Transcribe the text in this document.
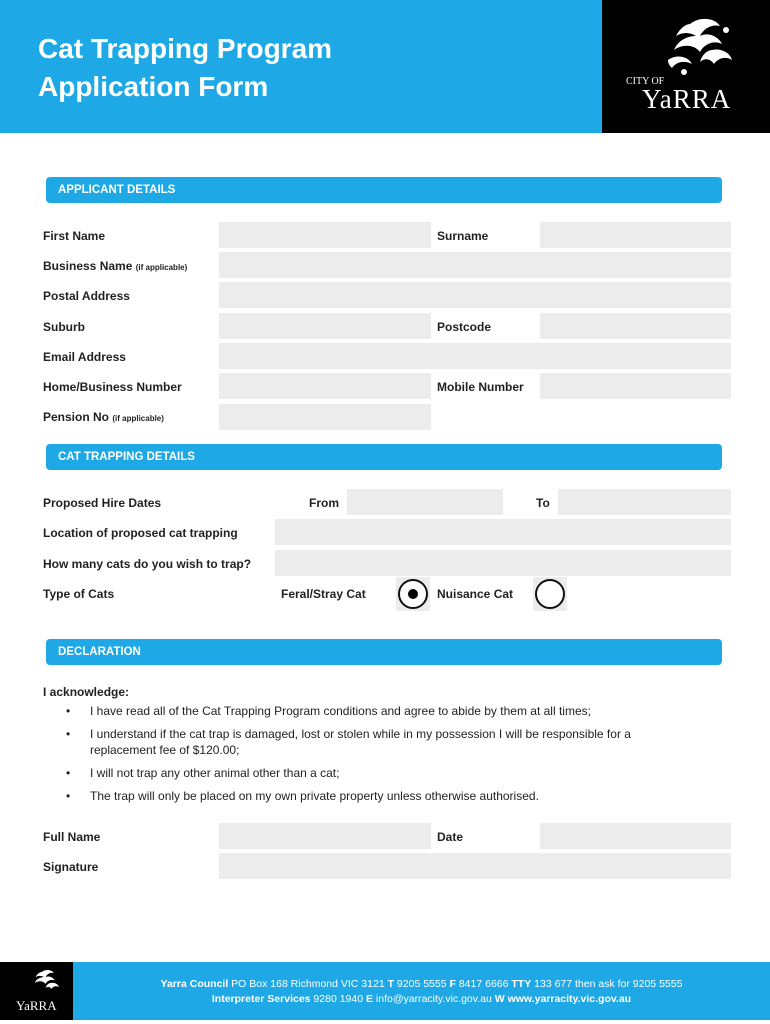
Cat Trapping Program
Application Form	CITY OF
YaRRA
APPLICANT DETAILS
First Name	Surname
Business Name (if applicable)
Postal Address
Suburb	Postcode
Email Address
Home/Business Number	Mobile Number
Pension No (if applicable)
CAT TRAPPING DETAILS
Proposed Hire Dates	From	To
Location of proposed cat trapping
How many cats do you wish to trap?
Type of Cats	Feral/Stray Cat	Nuisance Cat
DECLARATION
I acknowledge:
• I have read all of the Cat Trapping Program conditions and agree to abide by them at all times;
• I understand if the cat trap is damaged, lost or stolen while in my possession I will be responsible for a replacement fee of $120.00;
• I will not trap any other animal other than a cat;
• The trap will only be placed on my own private property unless otherwise authorised.
Full Name	Date
Signature
YaRRA
Yarra Council PO Box 168 Richmond VIC 3121 T 9205 5555 F 8417 6666 TTY 133 677 then ask for 9205 5555
Interpreter Services 9280 1940 E info@yarracity.vic.gov.au W www.yarracity.vic.gov.au
